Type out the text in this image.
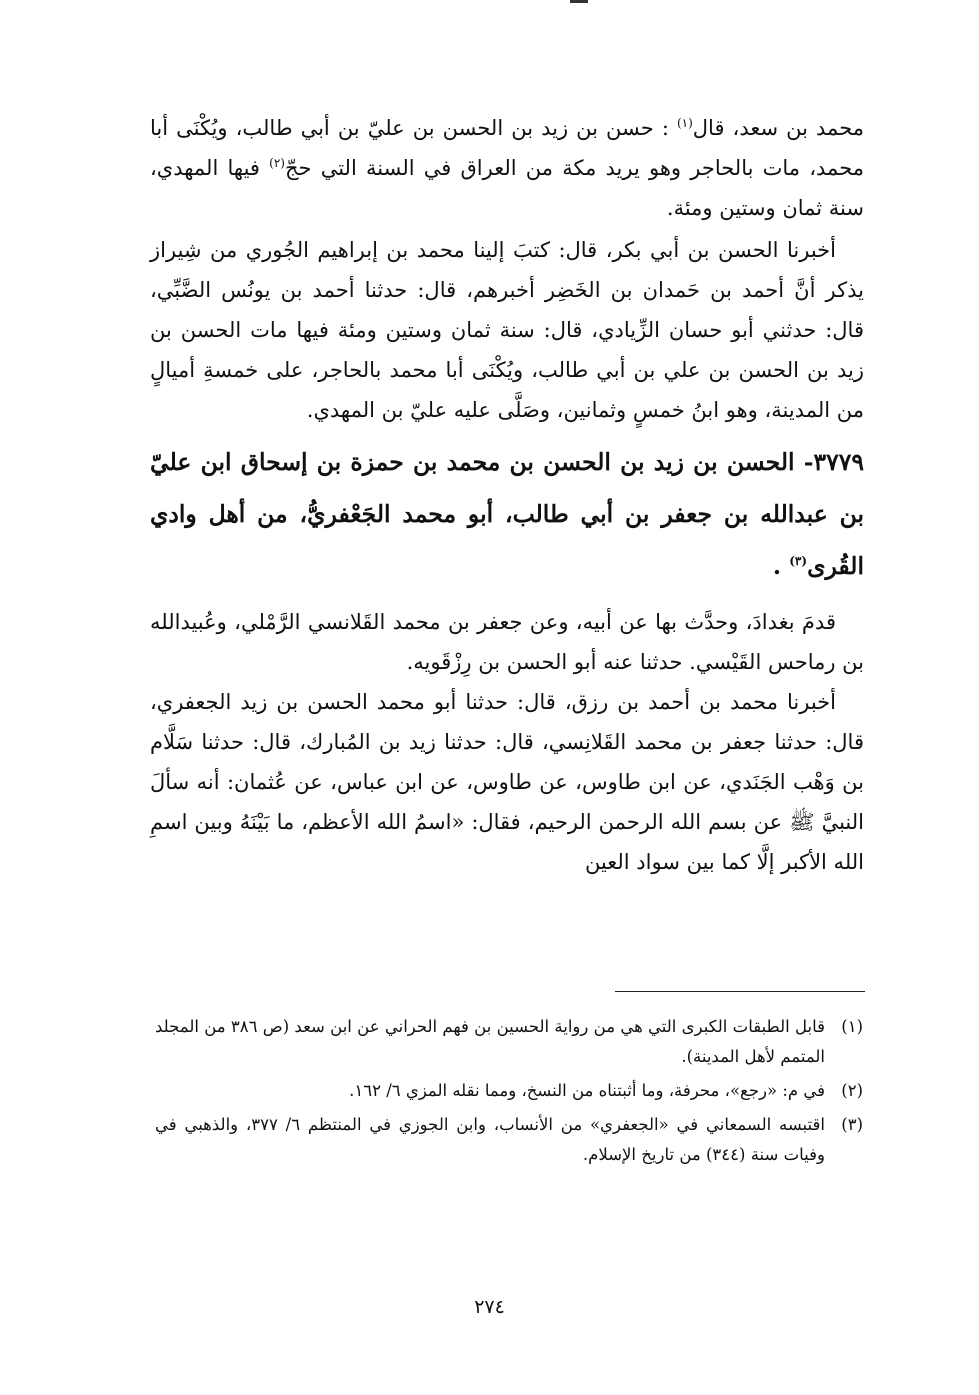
محمد بن سعد، قال$^{(١)}$ : حسن بن زيد بن الحسن بن عليّ بن أبي طالب، ويُكْنَى أبا محمد، مات بالحاجر وهو يريد مكة من العراق في السنة التي حجّ$^{(٢)}$ فيها المهدي، سنة ثمان وستين ومئة.

أخبرنا الحسن بن أبي بكر، قال: كتبَ إلينا محمد بن إبراهيم الجُوري من شِيراز يذكر أنَّ أحمد بن حَمدان بن الخَضِر أخبرهم، قال: حدثنا أحمد بن يونُس الضَّبِّي، قال: حدثني أبو حسان الزِّيادي، قال: سنة ثمان وستين ومئة فيها مات الحسن بن زيد بن الحسن بن علي بن أبي طالب، ويُكْنَى أبا محمد بالحاجر، على خمسةِ أميالٍ من المدينة، وهو ابنُ خمسٍ وثمانين، وصَلَّى عليه عليّ بن المهدي.

٣٧٧٩- الحسن بن زيد بن الحسن بن محمد بن حمزة بن إسحاق ابن عليّ بن عبدالله بن جعفر بن أبي طالب، أبو محمد الجَعْفريُّ، من أهل وادي القُرى$^{(٣)}$ .

قدمَ بغدادَ، وحدَّث بها عن أبيه، وعن جعفر بن محمد القَلانسي الرَّمْلي، وعُبيدالله بن رماحس القَيْسي. حدثنا عنه أبو الحسن بن رِزْقَويه.

أخبرنا محمد بن أحمد بن رزق، قال: حدثنا أبو محمد الحسن بن زيد الجعفري، قال: حدثنا جعفر بن محمد القَلانِسي، قال: حدثنا زيد بن المُبارك، قال: حدثنا سَلَّام بن وَهْب الجَنَدي، عن ابن طاوس، عن طاوس، عن ابن عباس، عن عُثمان: أنه سألَ النبيَّ ﷺ عن بسم الله الرحمن الرحيم، فقال: «اسمُ الله الأعظم، ما بَيْنَهُ وبين اسمِ الله الأكبر إلَّا كما بين سواد العين

(١)
قابل الطبقات الكبرى التي هي من رواية الحسين بن فهم الحراني عن ابن سعد (ص ٣٨٦ من المجلد المتمم لأهل المدينة).
(٢)
في م: «رجع»، محرفة، وما أثبتناه من النسخ، ومما نقله المزي ٦/ ١٦٢.
(٣)
اقتبسه السمعاني في «الجعفري» من الأنساب، وابن الجوزي في المنتظم ٦/ ٣٧٧، والذهبي في وفيات سنة (٣٤٤) من تاريخ الإسلام.
٢٧٤
